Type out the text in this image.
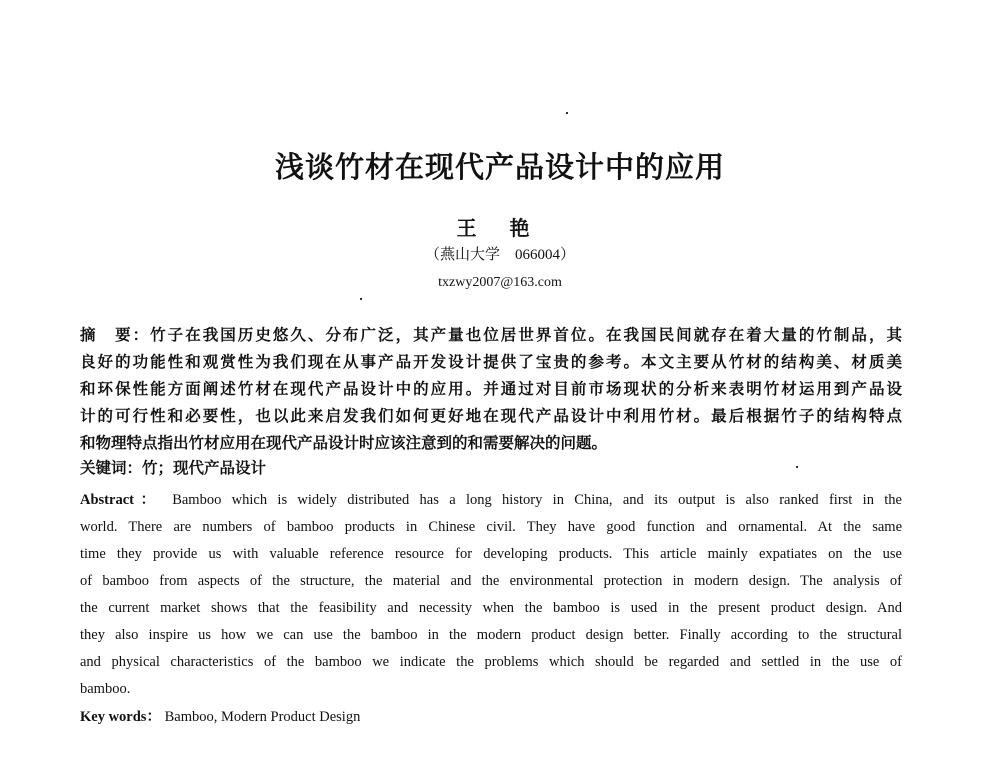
浅谈竹材在现代产品设计中的应用
王 艳
（燕山大学　066004）
txzwy2007@163.com
摘　要：竹子在我国历史悠久、分布广泛，其产量也位居世界首位。在我国民间就存在着大量的竹制品，其
良好的功能性和观赏性为我们现在从事产品开发设计提供了宝贵的参考。本文主要从竹材的结构美、材质美
和环保性能方面阐述竹材在现代产品设计中的应用。并通过对目前市场现状的分析来表明竹材运用到产品设
计的可行性和必要性，也以此来启发我们如何更好地在现代产品设计中利用竹材。最后根据竹子的结构特点
和物理特点指出竹材应用在现代产品设计时应该注意到的和需要解决的问题。
关键词：竹；现代产品设计
Abstract： Bamboo which is widely distributed has a long history in China, and its output is also ranked first in the
world. There are numbers of bamboo products in Chinese civil. They have good function and ornamental. At the same
time they provide us with valuable reference resource for developing products. This article mainly expatiates on the use
of bamboo from aspects of the structure, the material and the environmental protection in modern design. The analysis of
the current market shows that the feasibility and necessity when the bamboo is used in the present product design. And
they also inspire us how we can use the bamboo in the modern product design better. Finally according to the structural
and physical characteristics of the bamboo we indicate the problems which should be regarded and settled in the use of
bamboo.
Key words： Bamboo, Modern Product Design
